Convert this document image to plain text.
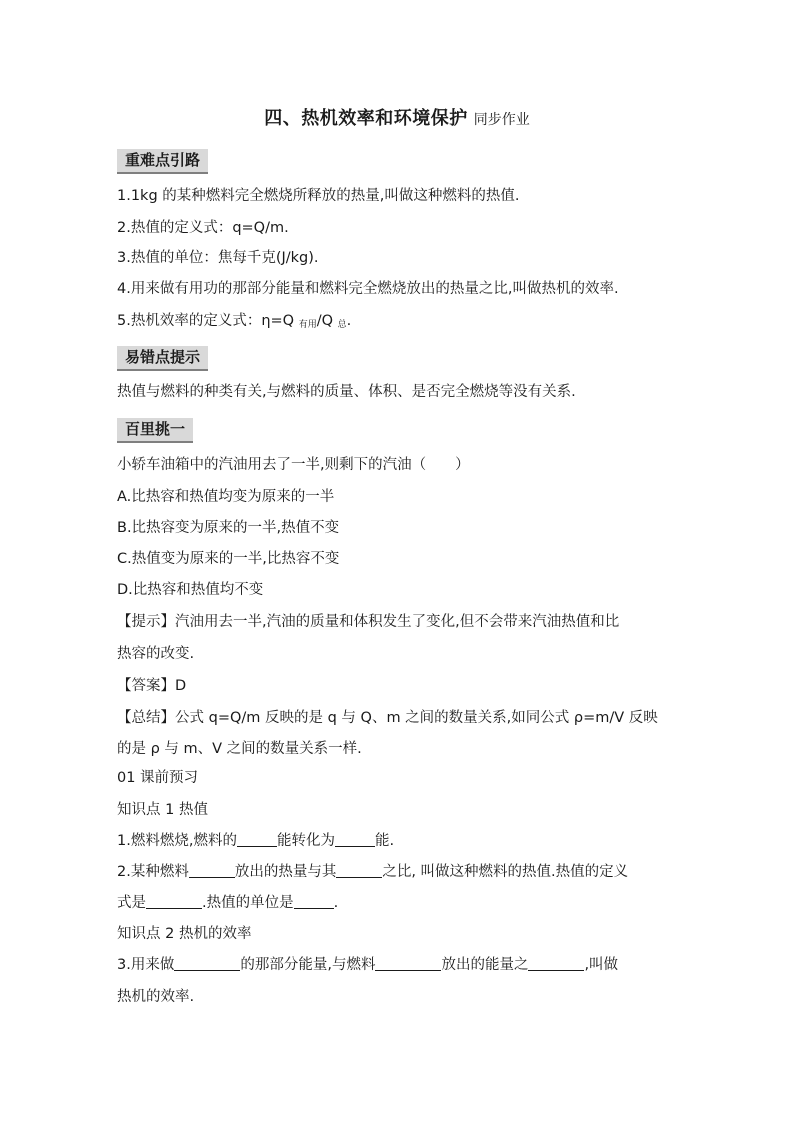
四、热机效率和环境保护 同步作业
重难点引路
1.1kg 的某种燃料完全燃烧所释放的热量,叫做这种燃料的热值.
2.热值的定义式：q=Q/m.
3.热值的单位：焦每千克(J/kg).
4.用来做有用功的那部分能量和燃料完全燃烧放出的热量之比,叫做热机的效率.
5.热机效率的定义式：η=Q $_{有用}$/Q $_总$.
易错点提示
热值与燃料的种类有关,与燃料的质量、体积、是否完全燃烧等没有关系.
百里挑一
小轿车油箱中的汽油用去了一半,则剩下的汽油（　　）
A.比热容和热值均变为原来的一半
B.比热容变为原来的一半,热值不变
C.热值变为原来的一半,比热容不变
D.比热容和热值均不变
【提示】汽油用去一半,汽油的质量和体积发生了变化,但不会带来汽油热值和比
热容的改变.
【答案】D
【总结】公式 q=Q/m 反映的是 q 与 Q、m 之间的数量关系,如同公式 ρ=m/V 反映
的是 ρ 与 m、V 之间的数量关系一样.
01 课前预习
知识点 1 热值
1.燃料燃烧,燃料的	能转化为	能.
2.某种燃料	放出的热量与其	之比, 叫做这种燃料的热值.热值的定义
式是	.热值的单位是	.
知识点 2 热机的效率
3.用来做	的那部分能量,与燃料	放出的能量之	,叫做
热机的效率.
